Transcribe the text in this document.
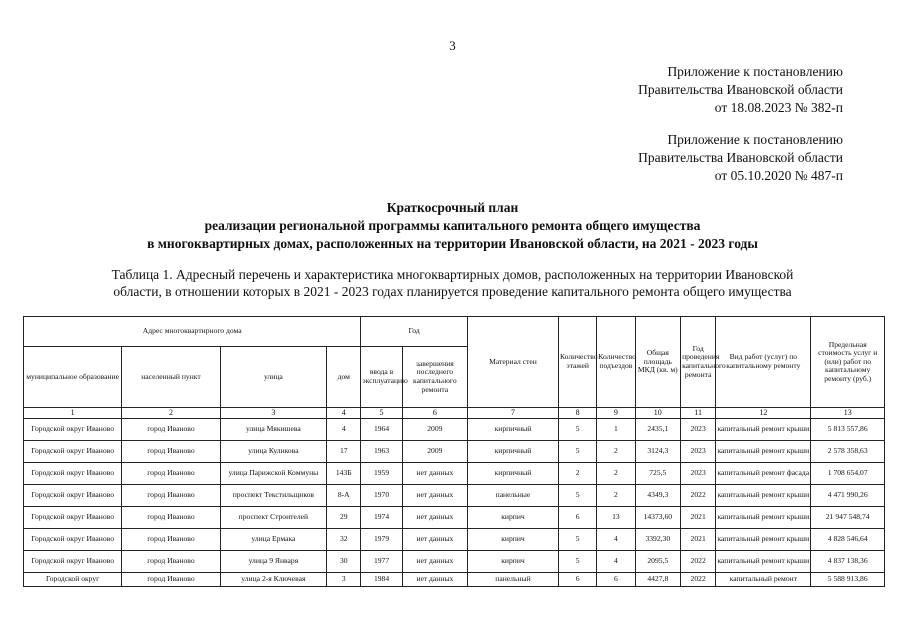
3
Приложение к постановлению
Правительства Ивановской области
от 18.08.2023 № 382-п
Приложение к постановлению
Правительства Ивановской области
от 05.10.2020 № 487-п
Краткосрочный план
реализации региональной программы капитального ремонта общего имущества
в многоквартирных домах, расположенных на территории Ивановской области, на 2021 - 2023 годы
Таблица 1. Адресный перечень и характеристика многоквартирных домов, расположенных на территории Ивановской
области, в отношении которых в 2021 - 2023 годах планируется проведение капитального ремонта общего имущества
Адрес многоквартирного дома				Год		Материал стен	Количество этажей	Количество подъездов	Общая площадь МКД (кв. м)	Год проведения капитального ремонта	Вид работ (услуг) по капитальному ремонту	Предельная стоимость услуг и (или) работ по капитальному ремонту (руб.)
муниципальное образование	населенный пункт	улица	дом	ввода в эксплуатацию	завершения последнего капитального ремонта							
1	2	3	4	5	6	7	8	9	10	11	12	13
Городской округ Иваново	город Иваново	улица Мякишева	4	1964	2009	кирпичный	5	1	2435,1	2023	капитальный ремонт крыши	5 813 557,86
Городской округ Иваново	город Иваново	улица Куликова	17	1963	2009	кирпичный	5	2	3124,3	2023	капитальный ремонт крыши	2 578 358,63
Городской округ Иваново	город Иваново	улица Парижской Коммуны	143Б	1959	нет данных	кирпичный	2	2	725,5	2023	капитальный ремонт фасада	1 708 654,07
Городской округ Иваново	город Иваново	проспект Текстильщиков	8-А	1970	нет данных	панельные	5	2	4349,3	2022	капитальный ремонт крыши	4 471 990,26
Городской округ Иваново	город Иваново	проспект Строителей	29	1974	нет данных	кирпич	6	13	14373,60	2021	капитальный ремонт крыши	21 947 548,74
Городской округ Иваново	город Иваново	улица Ермака	32	1979	нет данных	кирпич	5	4	3392,30	2021	капитальный ремонт крыши	4 828 546,64
Городской округ Иваново	город Иваново	улица 9 Января	30	1977	нет данных	кирпич	5	4	2095,5	2022	капитальный ремонт крыши	4 837 138,36
Городской округ	город Иваново	улица 2-я Ключевая	3	1984	нет данных	панельный	6	6	4427,8	2022	капитальный ремонт	5 588 913,86
